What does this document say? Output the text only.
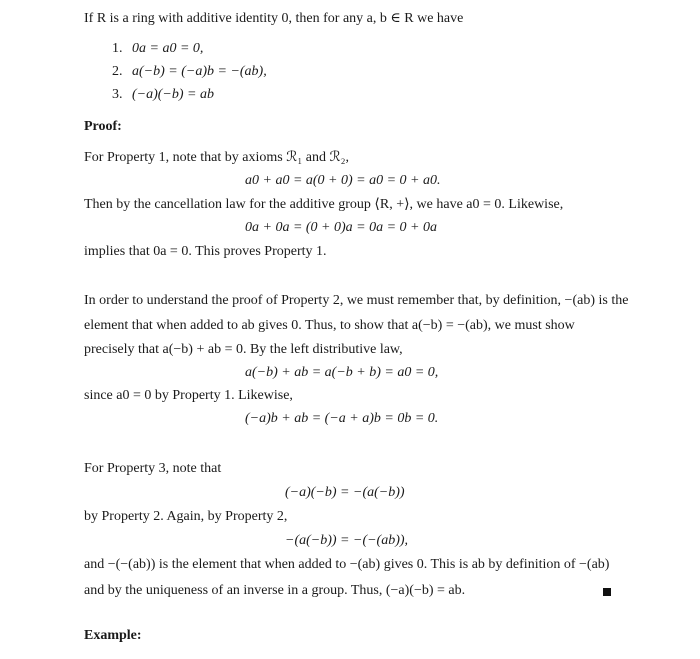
If R is a ring with additive identity 0, then for any a, b ∈ R we have
1. 0a = a0 = 0,
2. a(−b) = (−a)b = −(ab),
3. (−a)(−b) = ab
Proof:
For Property 1, note that by axioms ℛ₁ and ℛ₂,
a0 + a0 = a(0 + 0) = a0 = 0 + a0.
Then by the cancellation law for the additive group ⟨R, +⟩, we have a0 = 0. Likewise,
0a + 0a = (0 + 0)a = 0a = 0 + 0a
implies that 0a = 0. This proves Property 1.
In order to understand the proof of Property 2, we must remember that, by definition, −(ab) is the
element that when added to ab gives 0. Thus, to show that a(−b) = −(ab), we must show
precisely that a(−b) + ab = 0. By the left distributive law,
a(−b) + ab = a(−b + b) = a0 = 0,
since a0 = 0 by Property 1. Likewise,
(−a)b + ab = (−a + a)b = 0b = 0.
For Property 3, note that
(−a)(−b) = −(a(−b))
by Property 2. Again, by Property 2,
−(a(−b)) = −(−(ab)),
and −(−(ab)) is the element that when added to −(ab) gives 0. This is ab by definition of −(ab)
and by the uniqueness of an inverse in a group. Thus, (−a)(−b) = ab.
Example:
